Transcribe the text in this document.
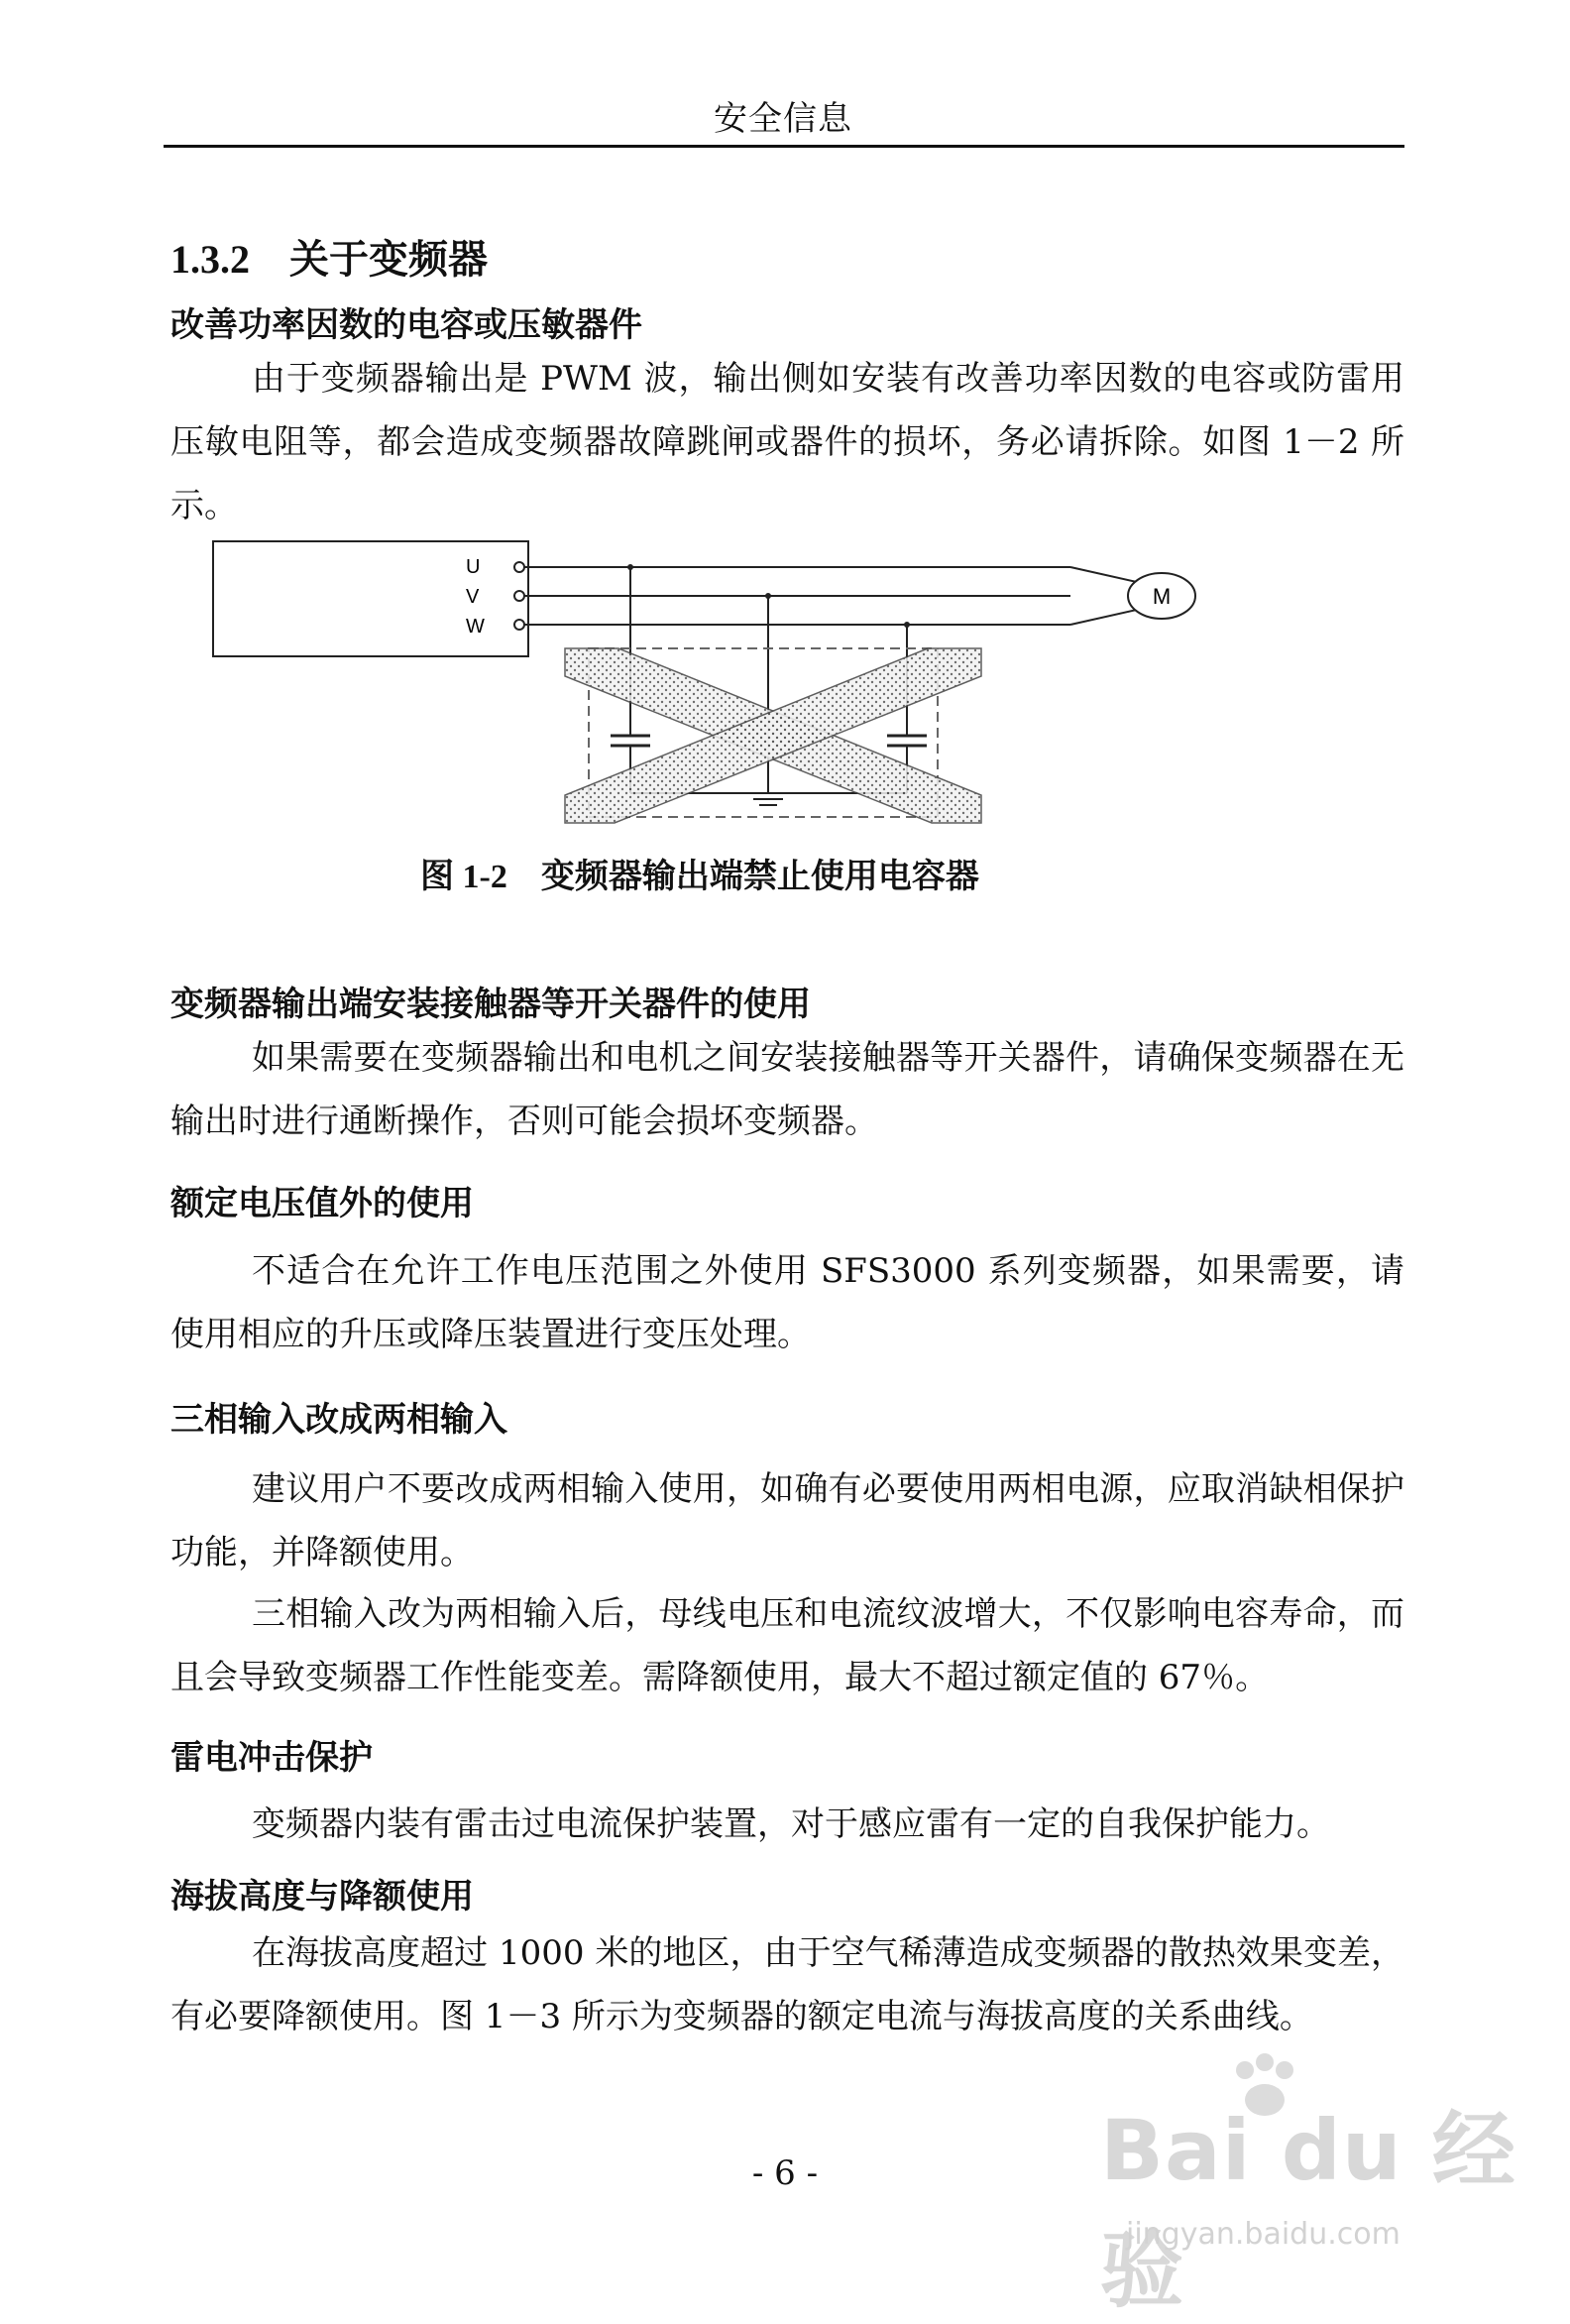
安全信息
1.3.2 关于变频器
改善功率因数的电容或压敏器件
由于变频器输出是 PWM 波，输出侧如安装有改善功率因数的电容或防雷用压敏电阻等，都会造成变频器故障跳闸或器件的损坏，务必请拆除。如图 1－2 所示。
U
V
W
M
图 1-2 变频器输出端禁止使用电容器
变频器输出端安装接触器等开关器件的使用
如果需要在变频器输出和电机之间安装接触器等开关器件，请确保变频器在无输出时进行通断操作，否则可能会损坏变频器。
额定电压值外的使用
不适合在允许工作电压范围之外使用 SFS3000 系列变频器，如果需要，请使用相应的升压或降压装置进行变压处理。
三相输入改成两相输入
建议用户不要改成两相输入使用，如确有必要使用两相电源，应取消缺相保护功能，并降额使用。
三相输入改为两相输入后，母线电压和电流纹波增大，不仅影响电容寿命，而且会导致变频器工作性能变差。需降额使用，最大不超过额定值的 67％。
雷电冲击保护
变频器内装有雷击过电流保护装置，对于感应雷有一定的自我保护能力。
海拔高度与降额使用
在海拔高度超过 1000 米的地区，由于空气稀薄造成变频器的散热效果变差，有必要降额使用。图 1－3 所示为变频器的额定电流与海拔高度的关系曲线。
- 6 -	Bai du 经验
jingyan.baidu.com
